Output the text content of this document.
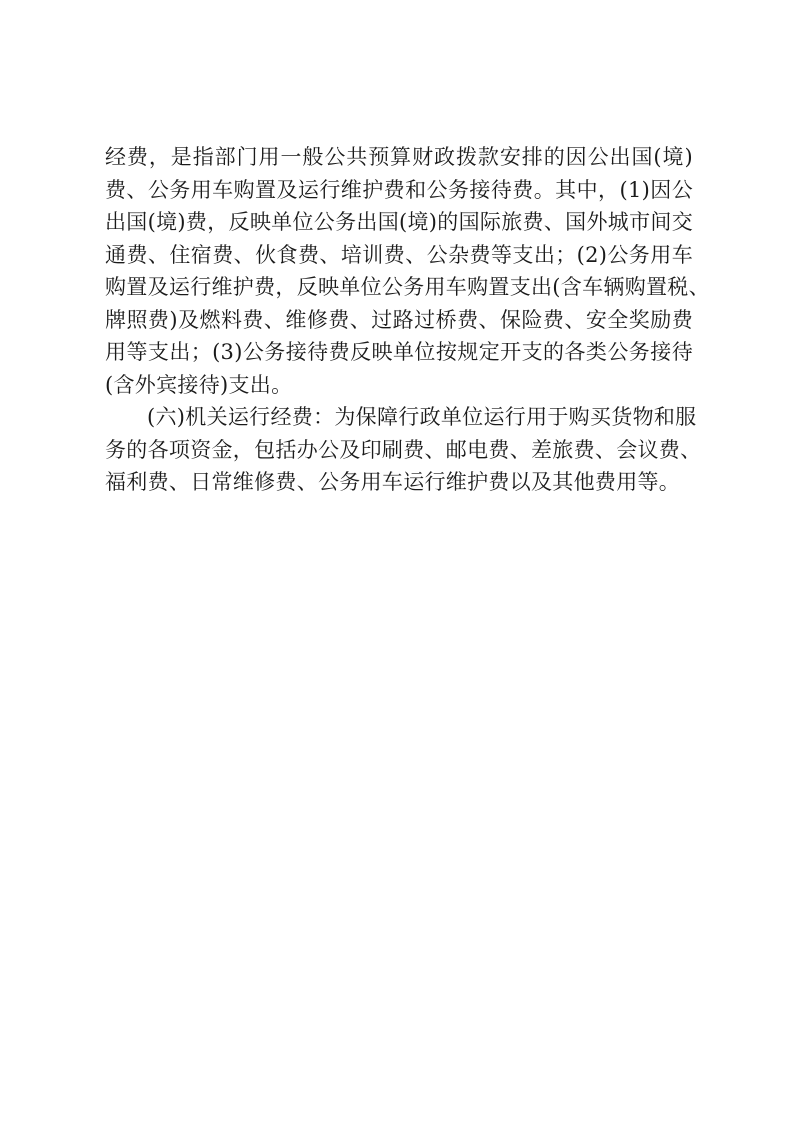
经费，是指部门用一般公共预算财政拨款安排的因公出国(境)
费、公务用车购置及运行维护费和公务接待费。其中，(1)因公
出国(境)费，反映单位公务出国(境)的国际旅费、国外城市间交
通费、住宿费、伙食费、培训费、公杂费等支出；(2)公务用车
购置及运行维护费，反映单位公务用车购置支出(含车辆购置税、
牌照费)及燃料费、维修费、过路过桥费、保险费、安全奖励费
用等支出；(3)公务接待费反映单位按规定开支的各类公务接待
(含外宾接待)支出。
(六)机关运行经费：为保障行政单位运行用于购买货物和服
务的各项资金，包括办公及印刷费、邮电费、差旅费、会议费、
福利费、日常维修费、公务用车运行维护费以及其他费用等。
